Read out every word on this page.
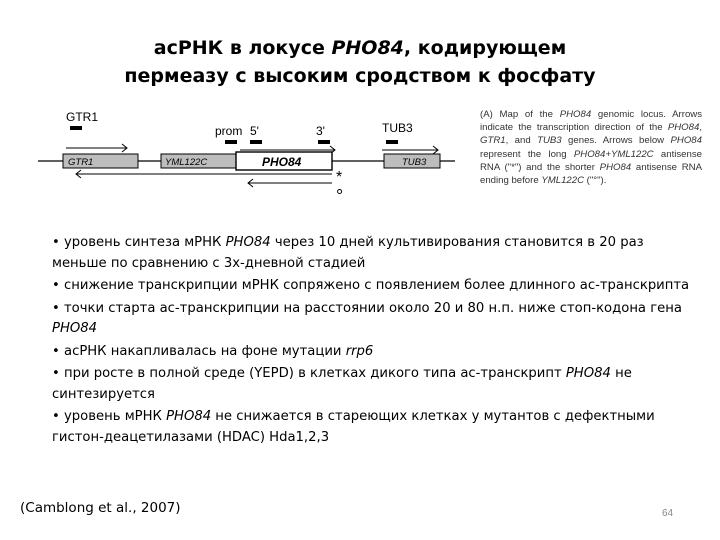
асРНК в локусе PHO84, кодирующем
пермеазу с высоким сродством к фосфату
GTR1
prom 5'	3'	TUB3
GTR1	YML122C	PHO84	TUB3
*
°
(A) Map of the PHO84 genomic locus. Arrows indicate the transcription direction of the PHO84, GTR1, and TUB3 genes. Arrows below PHO84 represent the long PHO84+YML122C antisense RNA ("*") and the shorter PHO84 antisense RNA ending before YML122C ("°").
• уровень синтеза мРНК PHO84 через 10 дней культивирования становится в 20 раз меньше по сравнению с 3х-дневной стадией
• снижение транскрипции мРНК сопряжено с появлением более длинного ас-транскрипта
• точки старта ас-транскрипции на расстоянии около 20 и 80 н.п. ниже стоп-кодона гена PHO84
• асРНК накапливалась на фоне мутации rrp6
• при росте в полной среде (YEPD) в клетках дикого типа ас-транскрипт PHO84 не синтезируется
• уровень мРНК PHO84 не снижается в стареющих клетках у мутантов с дефектными гистон-деацетилазами (HDAC) Hda1,2,3
(Camblong et al., 2007)	64
